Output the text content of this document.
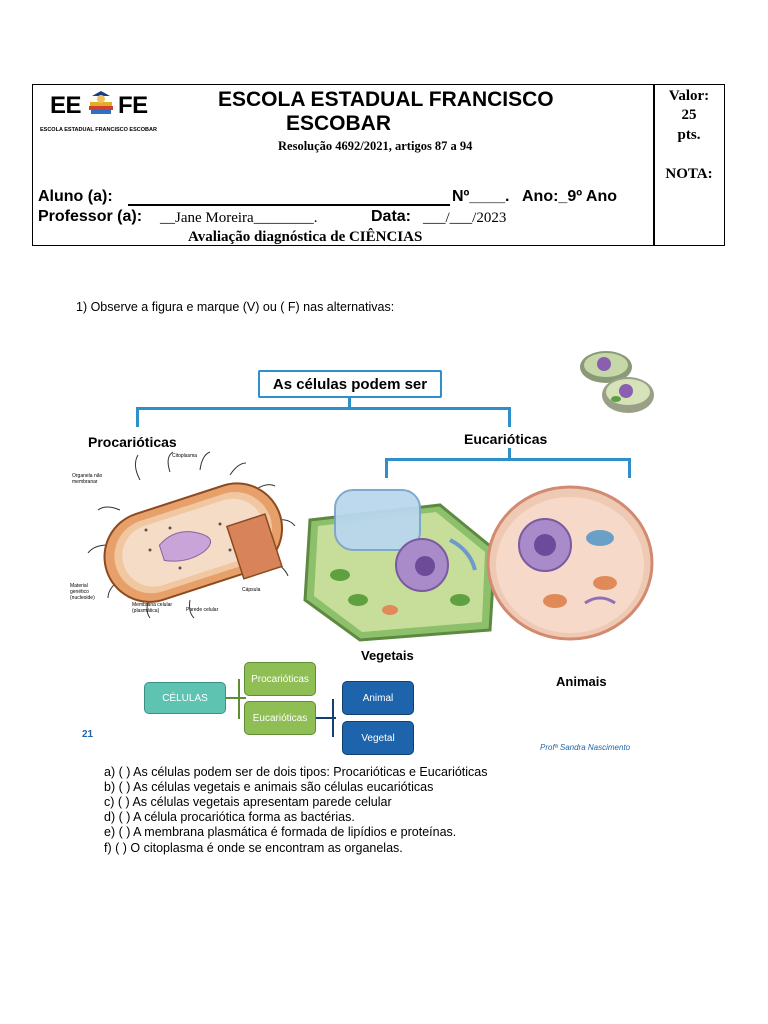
EE FE
ESCOLA ESTADUAL FRANCISCO ESCOBAR
ESCOLA ESTADUAL FRANCISCO
ESCOBAR
Resolução 4692/2021, artigos 87 a 94
Valor:
25
pts.
NOTA:
Aluno (a):	Nº____. Ano:_9º Ano
Professor (a): __Jane Moreira________.	Data: ___/___/2023
Avaliação diagnóstica de CIÊNCIAS
1) Observe a figura e marque (V) ou ( F) nas alternativas:
As células podem ser
Procarióticas	Eucarióticas
Citoplasma
Organela não membranar
Material genético (nucleoide)
Membrana celular (plasmática)	Parede celular
Cápsula
Vegetais
Animais
CÉLULAS
Procarióticas
Eucarióticas
Animal
Vegetal
21
Profª Sandra Nascimento
a) ( ) As células podem ser de dois tipos: Procarióticas e Eucarióticas
b) ( ) As células vegetais e animais são células eucarióticas
c) ( ) As células vegetais apresentam parede celular
d) ( ) A célula procariótica forma as bactérias.
e) ( ) A membrana plasmática é formada de lipídios e proteínas.
f) ( ) O citoplasma é onde se encontram as organelas.
